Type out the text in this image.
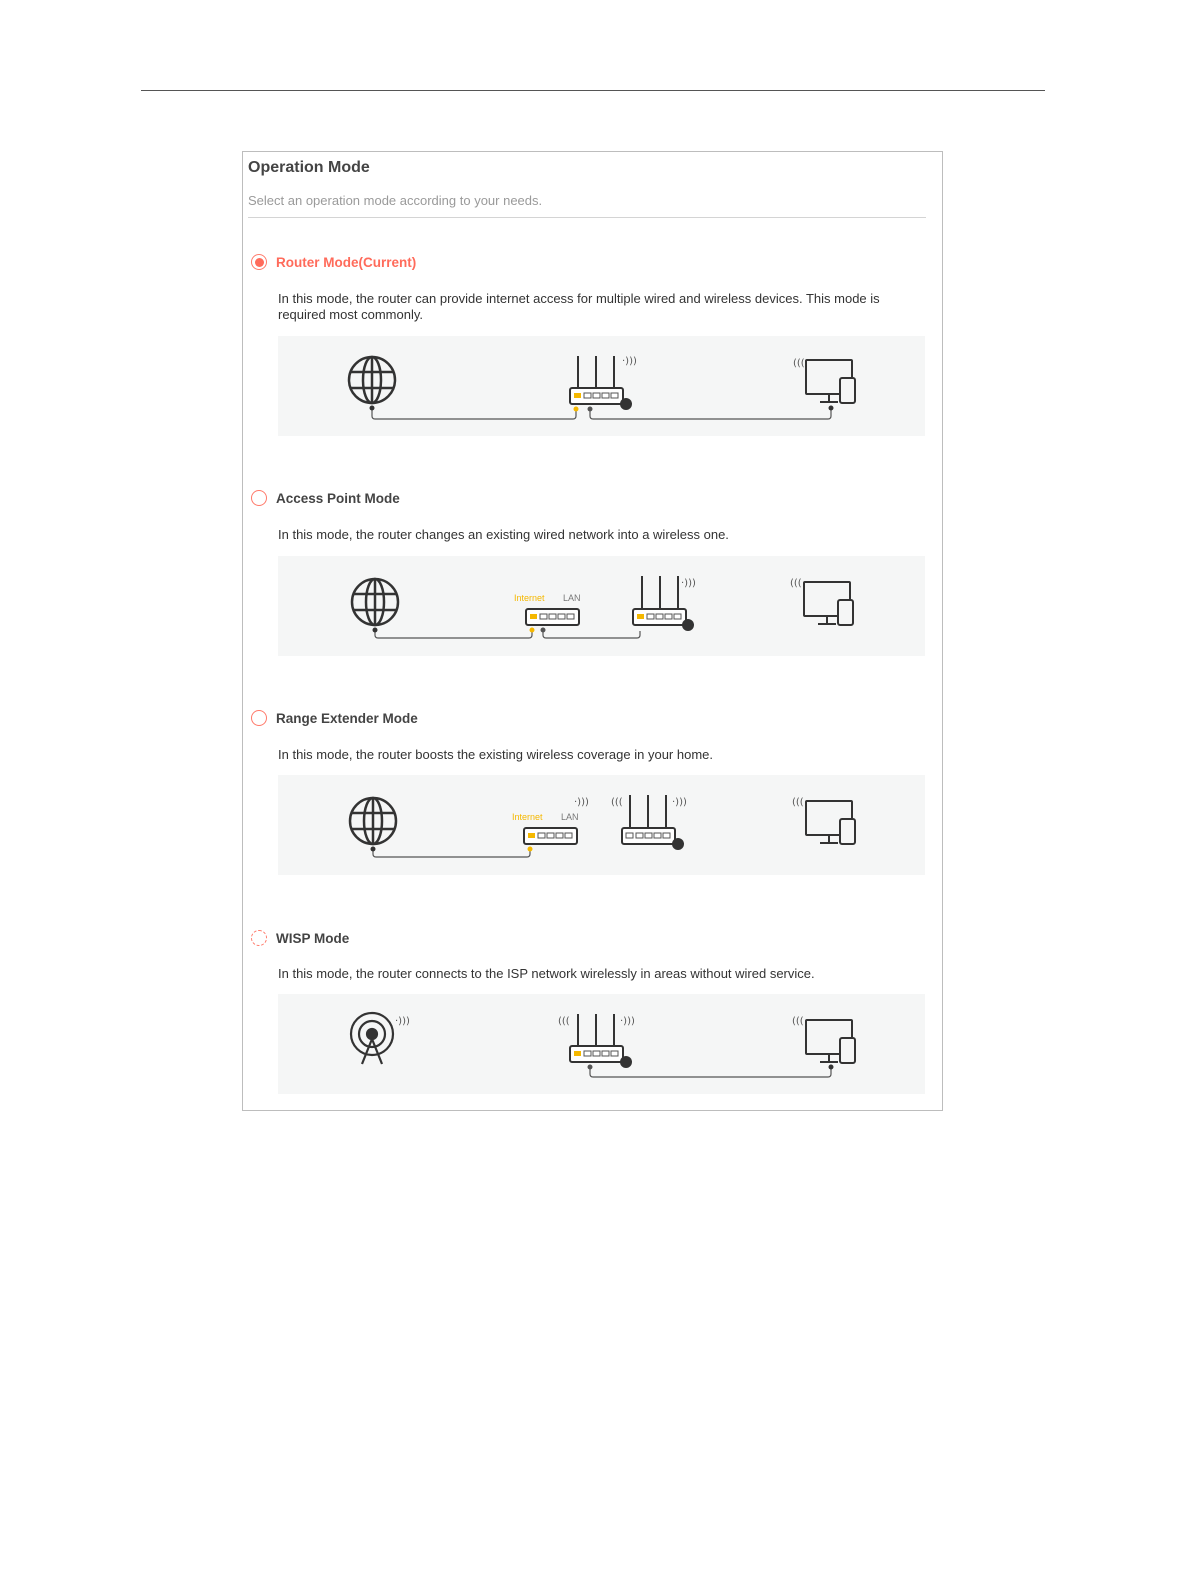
Operation Mode
Select an operation mode according to your needs.
Router Mode(Current)
In this mode, the router can provide internet access for multiple wired and wireless devices. This mode is required most commonly.
·)))	(((
Access Point Mode
In this mode, the router changes an existing wired network into a wireless one.
Internet LAN
·)))	(((
Range Extender Mode
In this mode, the router boosts the existing wireless coverage in your home.
Internet LAN
·))) (((	·)))	(((
WISP Mode
In this mode, the router connects to the ISP network wirelessly in areas without wired service.
·)))	(((	·)))	(((
